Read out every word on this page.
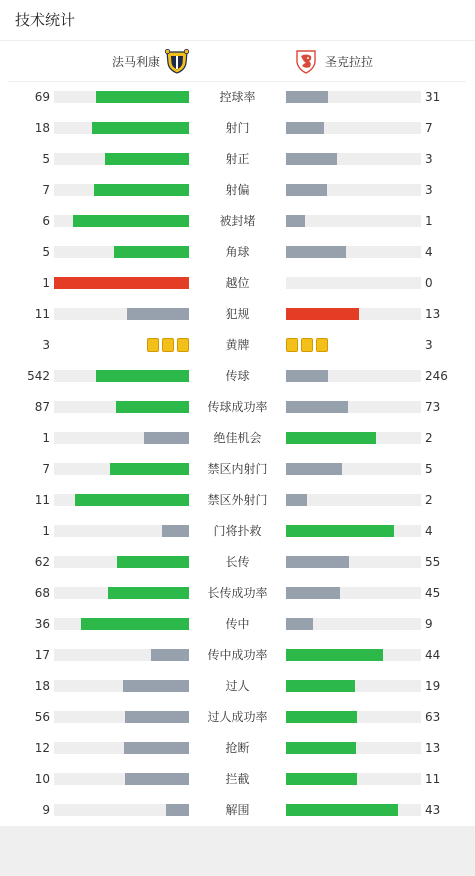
技术统计
法马利康	圣克拉拉
69	控球率	31
18	射门	7
5	射正	3
7	射偏	3
6	被封堵	1
5	角球	4
1	越位	0
11	犯规	13
3	黄牌	3
542	传球	246
87	传球成功率	73
1	绝佳机会	2
7	禁区内射门	5
11	禁区外射门	2
1	门将扑救	4
62	长传	55
68	长传成功率	45
36	传中	9
17	传中成功率	44
18	过人	19
56	过人成功率	63
12	抢断	13
10	拦截	11
9	解围	43
